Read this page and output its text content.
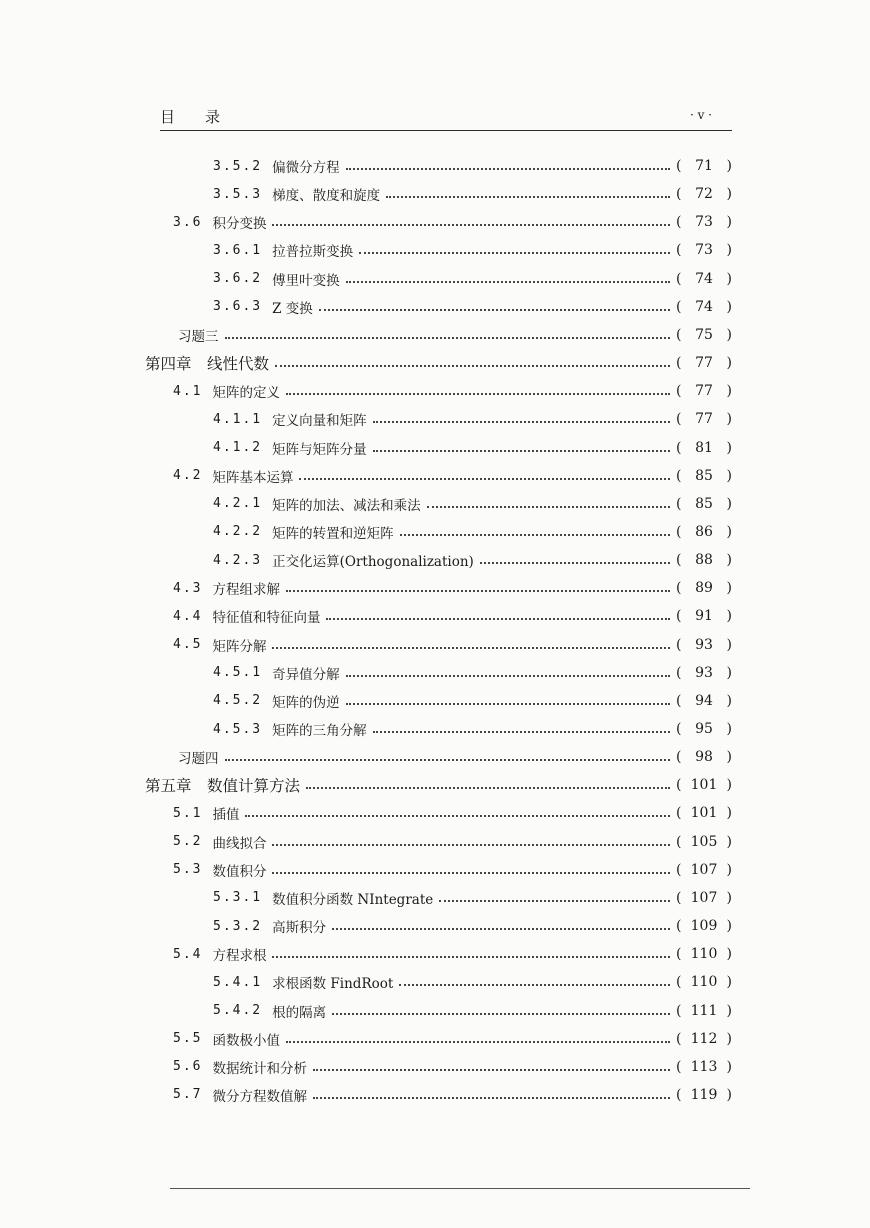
目 录	· v ·
3.5.2 偏微分方程	( 71 )
3.5.3 梯度、散度和旋度	( 72 )
3.6 积分变换	( 73 )
3.6.1 拉普拉斯变换	( 73 )
3.6.2 傅里叶变换	( 74 )
3.6.3 Z 变换	( 74 )
习题三	( 75 )
第四章　线性代数	( 77 )
4.1 矩阵的定义	( 77 )
4.1.1 定义向量和矩阵	( 77 )
4.1.2 矩阵与矩阵分量	( 81 )
4.2 矩阵基本运算	( 85 )
4.2.1 矩阵的加法、减法和乘法	( 85 )
4.2.2 矩阵的转置和逆矩阵	( 86 )
4.2.3 正交化运算(Orthogonalization)	( 88 )
4.3 方程组求解	( 89 )
4.4 特征值和特征向量	( 91 )
4.5 矩阵分解	( 93 )
4.5.1 奇异值分解	( 93 )
4.5.2 矩阵的伪逆	( 94 )
4.5.3 矩阵的三角分解	( 95 )
习题四	( 98 )
第五章　数值计算方法	( 101 )
5.1 插值	( 101 )
5.2 曲线拟合	( 105 )
5.3 数值积分	( 107 )
5.3.1 数值积分函数 NIntegrate	( 107 )
5.3.2 高斯积分	( 109 )
5.4 方程求根	( 110 )
5.4.1 求根函数 FindRoot	( 110 )
5.4.2 根的隔离	( 111 )
5.5 函数极小值	( 112 )
5.6 数据统计和分析	( 113 )
5.7 微分方程数值解	( 119 )
